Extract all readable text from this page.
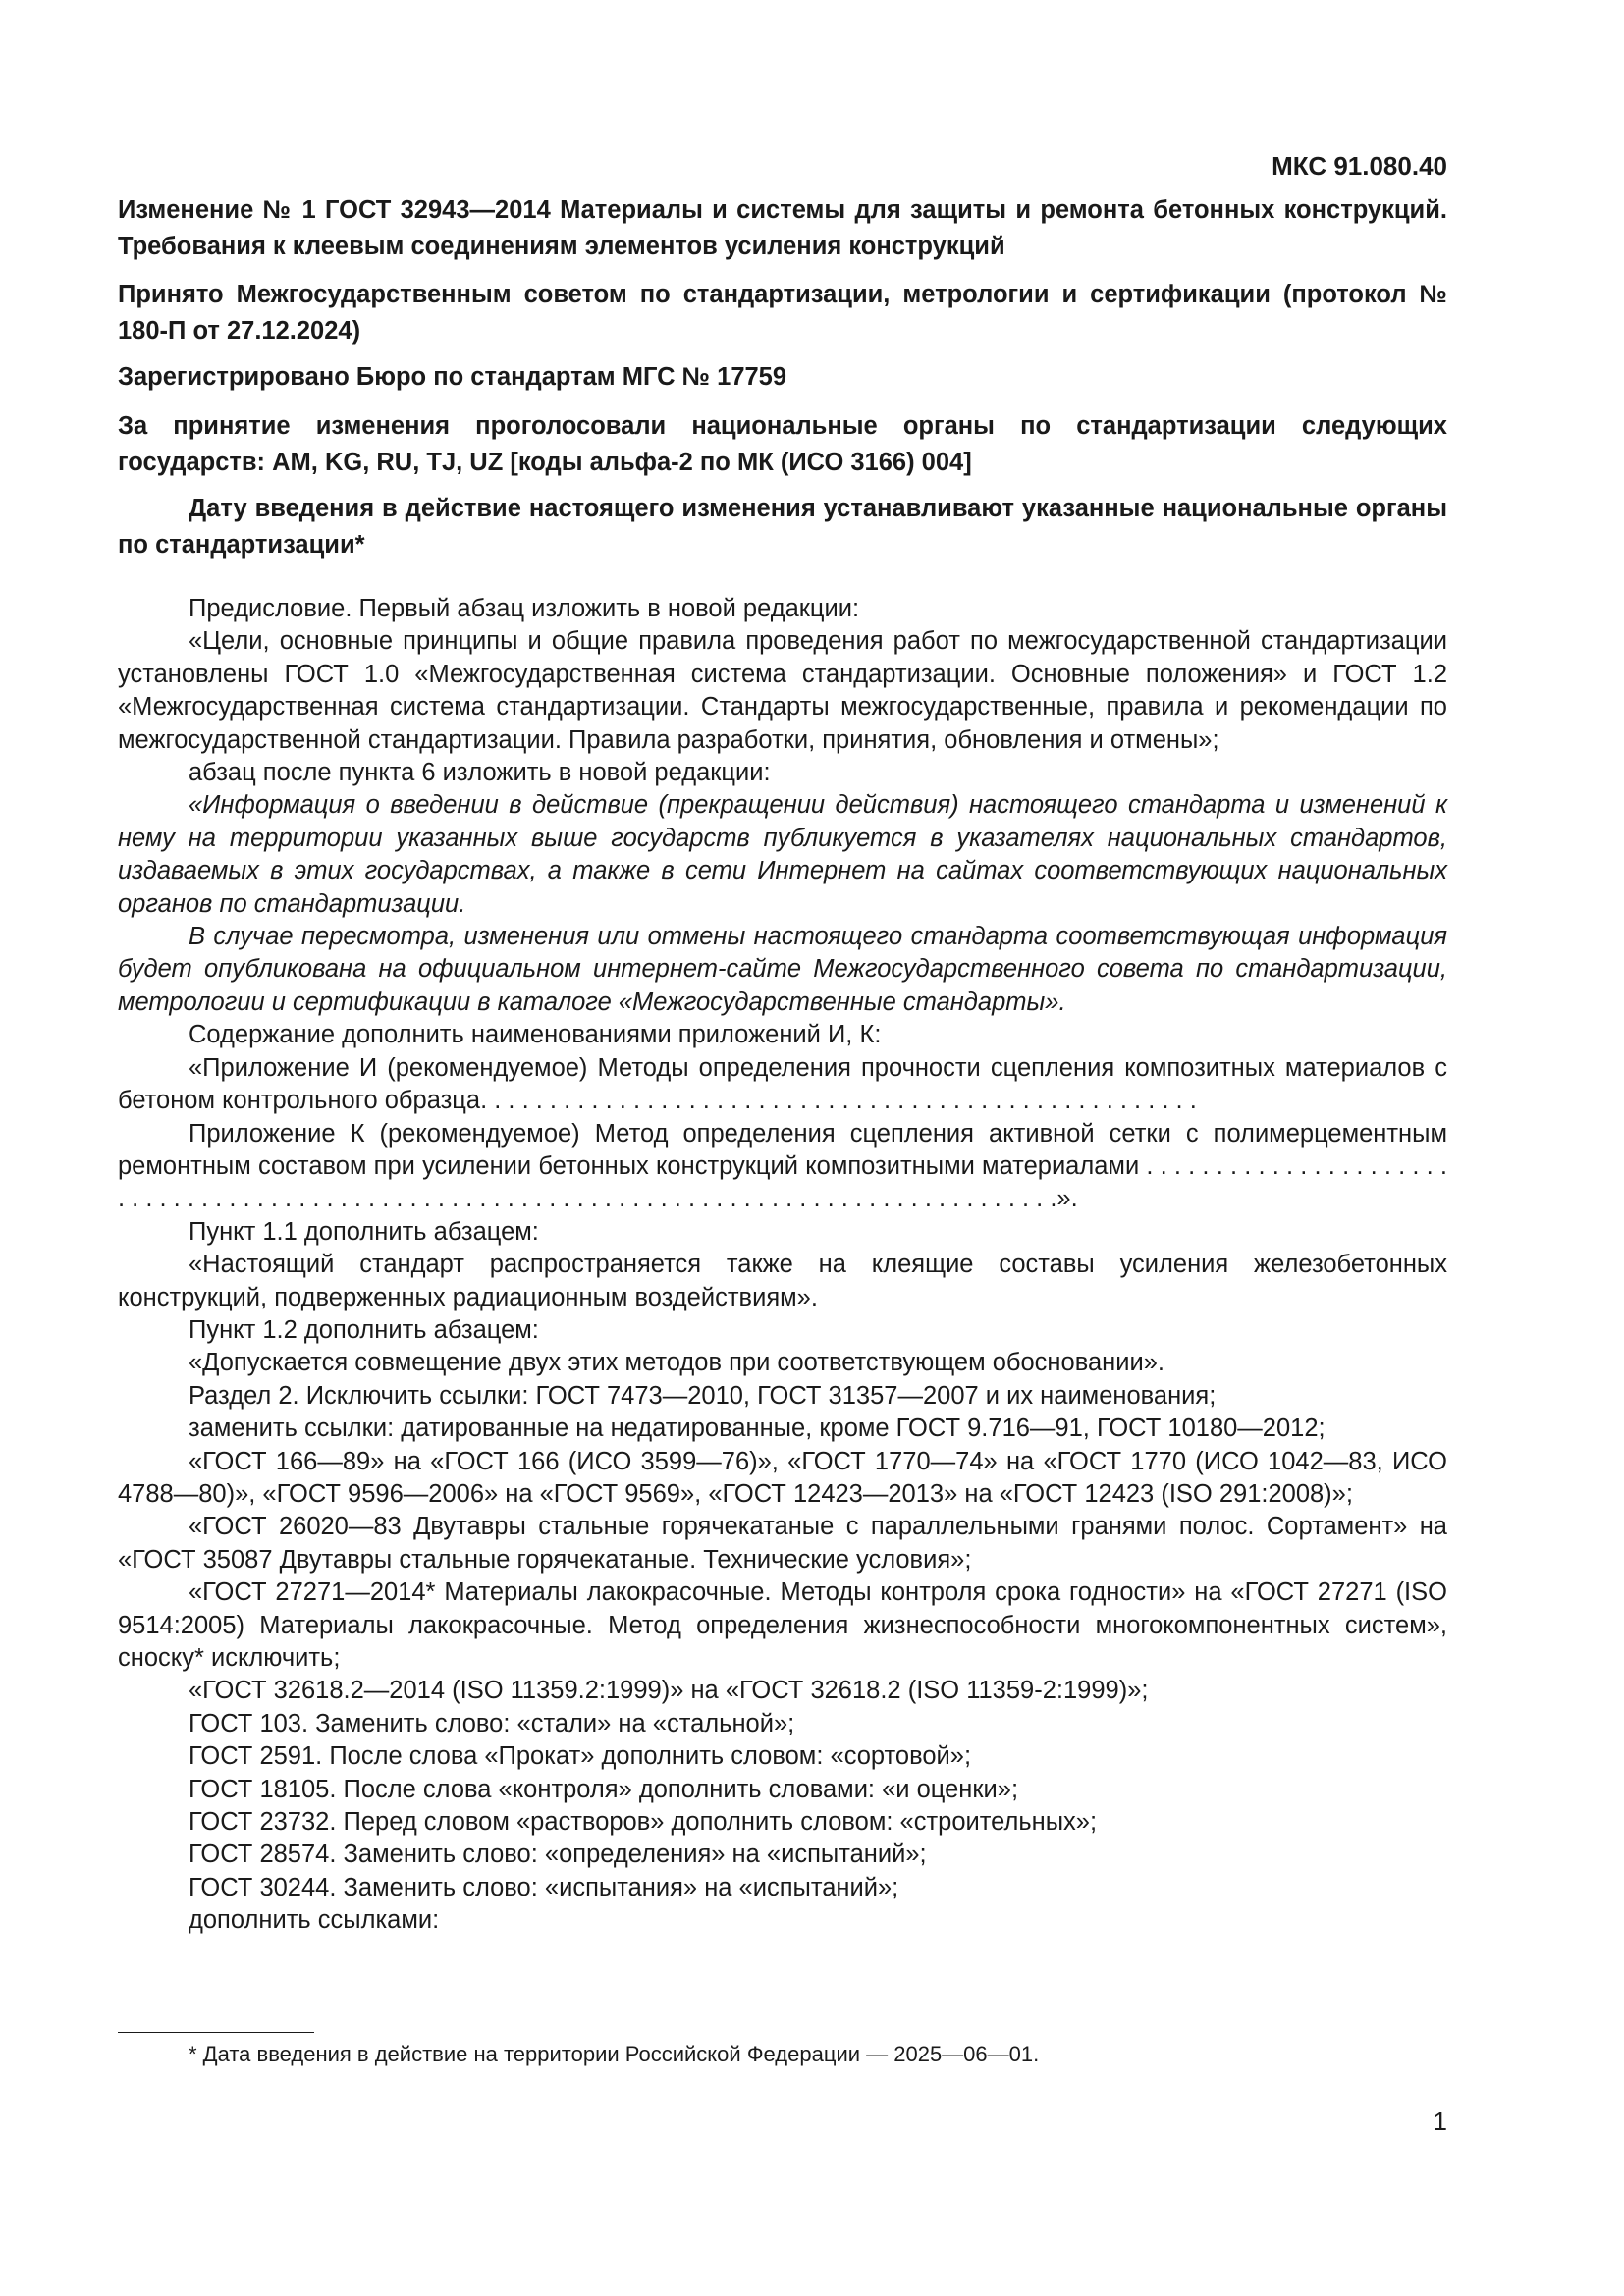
МКС 91.080.40
Изменение № 1 ГОСТ 32943—2014 Материалы и системы для защиты и ремонта бетонных конструкций. Требования к клеевым соединениям элементов усиления конструкций
Принято Межгосударственным советом по стандартизации, метрологии и сертификации (протокол № 180-П от 27.12.2024)
Зарегистрировано Бюро по стандартам МГС № 17759
За принятие изменения проголосовали национальные органы по стандартизации следующих государств: AM, KG, RU, TJ, UZ [коды альфа-2 по МК (ИСО 3166) 004]
Дату введения в действие настоящего изменения устанавливают указанные национальные органы по стандартизации*

Предисловие. Первый абзац изложить в новой редакции:

«Цели, основные принципы и общие правила проведения работ по межгосударственной стандартизации установлены ГОСТ 1.0 «Межгосударственная система стандартизации. Основные положения» и ГОСТ 1.2 «Межгосударственная система стандартизации. Стандарты межгосударственные, правила и рекомендации по межгосударственной стандартизации. Правила разработки, принятия, обновления и отмены»;

абзац после пункта 6 изложить в новой редакции:

«Информация о введении в действие (прекращении действия) настоящего стандарта и изменений к нему на территории указанных выше государств публикуется в указателях национальных стандартов, издаваемых в этих государствах, а также в сети Интернет на сайтах соответствующих национальных органов по стандартизации.

В случае пересмотра, изменения или отмены настоящего стандарта соответствующая информация будет опубликована на официальном интернет-сайте Межгосударственного совета по стандартизации, метрологии и сертификации в каталоге «Межгосударственные стандарты».

Содержание дополнить наименованиями приложений И, К:

«Приложение И (рекомендуемое) Методы определения прочности сцепления композитных материалов с бетоном контрольного образца. . . . . . . . . . . . . . . . . . . . . . . . . . . . . . . . . . . . . . . . . . . . . . . . . . . .

Приложение К (рекомендуемое) Метод определения сцепления активной сетки с полимерцементным ремонтным составом при усилении бетонных конструкций композитными материалами . . . . . . . . . . . . . . . . . . . . . . . . . . . . . . . . . . . . . . . . . . . . . . . . . . . . . . . . . . . . . . . . . . . . . . . . . . . . . . . . . . . . . . . . . .».

Пункт 1.1 дополнить абзацем:

«Настоящий стандарт распространяется также на клеящие составы усиления железобетонных конструкций, подверженных радиационным воздействиям».

Пункт 1.2 дополнить абзацем:

«Допускается совмещение двух этих методов при соответствующем обосновании».

Раздел 2. Исключить ссылки: ГОСТ 7473—2010, ГОСТ 31357—2007 и их наименования;

заменить ссылки: датированные на недатированные, кроме ГОСТ 9.716—91, ГОСТ 10180—2012;

«ГОСТ 166—89» на «ГОСТ 166 (ИСО 3599—76)», «ГОСТ 1770—74» на «ГОСТ 1770 (ИСО 1042—83, ИСО 4788—80)», «ГОСТ 9596—2006» на «ГОСТ 9569», «ГОСТ 12423—2013» на «ГОСТ 12423 (ISO 291:2008)»;

«ГОСТ 26020—83 Двутавры стальные горячекатаные с параллельными гранями полос. Сортамент» на «ГОСТ 35087 Двутавры стальные горячекатаные. Технические условия»;

«ГОСТ 27271—2014* Материалы лакокрасочные. Методы контроля срока годности» на «ГОСТ 27271 (ISO 9514:2005) Материалы лакокрасочные. Метод определения жизнеспособности многокомпонентных систем», сноску* исключить;

«ГОСТ 32618.2—2014 (ISO 11359.2:1999)» на «ГОСТ 32618.2 (ISO 11359-2:1999)»;

ГОСТ 103. Заменить слово: «стали» на «стальной»;

ГОСТ 2591. После слова «Прокат» дополнить словом: «сортовой»;

ГОСТ 18105. После слова «контроля» дополнить словами: «и оценки»;

ГОСТ 23732. Перед словом «растворов» дополнить словом: «строительных»;

ГОСТ 28574. Заменить слово: «определения» на «испытаний»;

ГОСТ 30244. Заменить слово: «испытания» на «испытаний»;

дополнить ссылками:

* Дата введения в действие на территории Российской Федерации — 2025—06—01.
1
